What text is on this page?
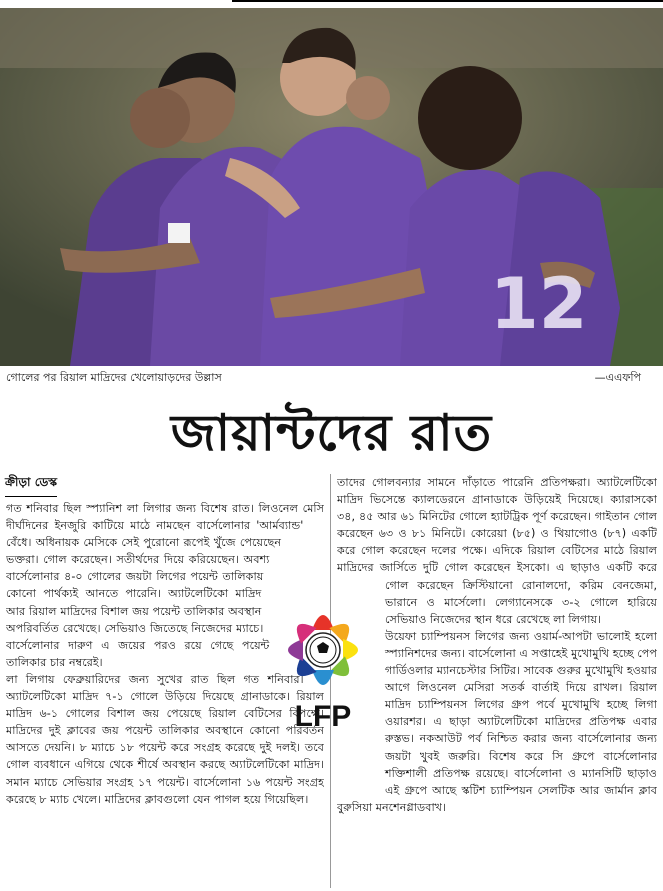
12
গোলের পর রিয়াল মাদ্রিদের খেলোয়াড়দের উল্লাস	—এএফপি
জায়ান্টদের রাত
ক্রীড়া ডেস্ক

গত শনিবার ছিল স্প্যানিশ লা লিগার জন্য বিশেষ রাত। লিওনেল মেসি দীর্ঘদিনের ইনজুরি কাটিয়ে মাঠে নামছেন বার্সেলোনার 'আর্মব্যান্ড' বেঁধে। অধিনায়ক মেসিকে সেই পুরোনো রূপেই খুঁজে পেয়েছেন ভক্তরা। গোল করেছেন। সতীর্থদের দিয়ে করিয়েছেন। অবশ্য বার্সেলোনার ৪-০ গোলের জয়টা লিগের পয়েন্ট তালিকায় কোনো পার্থক্যই আনতে পারেনি। অ্যাটলেটিকো মাদ্রিদ আর রিয়াল মাদ্রিদের বিশাল জয় পয়েন্ট তালিকার অবস্থান অপরিবর্তিত রেখেছে। সেভিয়াও জিতেছে নিজেদের ম্যাচে। বার্সেলোনার দারুণ এ জয়ের পরও রয়ে গেছে পয়েন্ট তালিকার চার নম্বরেই।

লা লিগায় ফেব্রুয়ারিদের জন্য সুখের রাত ছিল গত শনিবার। অ্যাটলেটিকো মাদ্রিদ ৭-১ গোলে উড়িয়ে দিয়েছে গ্রানাডাকে। রিয়াল মাদ্রিদ ৬-১ গোলের বিশাল জয় পেয়েছে রিয়াল বেটিসের বিপক্ষে। মাদ্রিদের দুই ক্লাবের জয় পয়েন্ট তালিকার অবস্থানে কোনো পরিবর্তন আসতে দেয়নি। ৮ ম্যাচে ১৮ পয়েন্ট করে সংগ্রহ করেছে দুই দলই। তবে গোল ব্যবধানে এগিয়ে থেকে শীর্ষে অবস্থান করছে অ্যাটলেটিকো মাদ্রিদ। সমান ম্যাচে সেভিয়ার সংগ্রহ ১৭ পয়েন্ট। বার্সেলোনা ১৬ পয়েন্ট সংগ্রহ করেছে ৮ ম্যাচ খেলে। মাদ্রিদের ক্লাবগুলো যেন পাগল হয়ে গিয়েছিল।

তাদের গোলবন্যার সামনে দাঁড়াতে পারেনি প্রতিপক্ষরা। অ্যাটলেটিকো মাদ্রিদ ভিসেন্তে ক্যালডেরনে গ্রানাডাকে উড়িয়েই দিয়েছে। ক্যারাসকো ৩৪, ৪৫ আর ৬১ মিনিটের গোলে হ্যাটট্রিক পূর্ণ করেছেন। গাইতান গোল করেছেন ৬৩ ও ৮১ মিনিটে। কোরেয়া (৮৫) ও থিয়াগোও (৮৭) একটি করে গোল করেছেন দলের পক্ষে। এদিকে রিয়াল বেটিসের মাঠে রিয়াল মাদ্রিদের জার্সিতে দুটি গোল করেছেন ইসকো। এ ছাড়াও একটি করে গোল করেছেন ক্রিস্টিয়ানো রোনালদো, করিম বেনজেমা, ভারানে ও মার্সেলো। লেগ্যানেসকে ৩-২ গোলে হারিয়ে সেভিয়াও নিজেদের স্থান ধরে রেখেছে লা লিগায়।

উয়েফা চ্যাম্পিয়নস লিগের জন্য ওয়ার্ম-আপটা ভালোই হলো স্প্যানিশদের জন্য। বার্সেলোনা এ সপ্তাহেই মুখোমুখি হচ্ছে পেপ গার্ডিওলার ম্যানচেস্টার সিটির। সাবেক গুরুর মুখোমুখি হওয়ার আগে লিওনেল মেসিরা সতর্ক বার্তাই দিয়ে রাখল। রিয়াল মাদ্রিদ চ্যাম্পিয়নস লিগের গ্রুপ পর্বে মুখোমুখি হচ্ছে লিগা ওয়ারশর। এ ছাড়া অ্যাটলেটিকো মাদ্রিদের প্রতিপক্ষ এবার রুস্তভ। নকআউট পর্ব নিশ্চিত করার জন্য বার্সেলোনার জন্য জয়টা খুবই জরুরি। বিশেষ করে সি গ্রুপে বার্সেলোনার শক্তিশালী প্রতিপক্ষ রয়েছে। বার্সেলোনা ও ম্যানসিটি ছাড়াও এই গ্রুপে আছে স্কটিশ চ্যাম্পিয়ন সেলটিক আর জার্মান ক্লাব বুরুসিয়া মনশেনগ্লাডবাখ।

LFP
